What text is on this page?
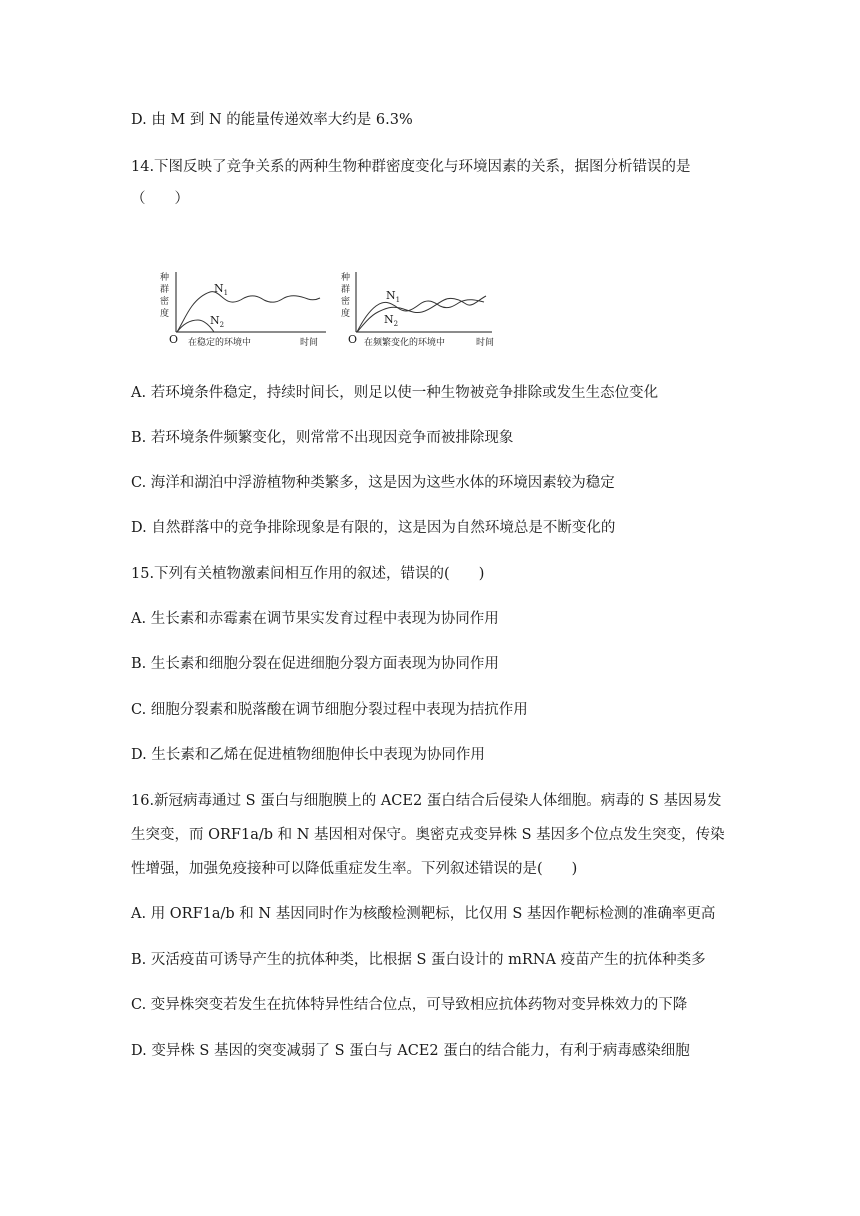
D. 由 M 到 N 的能量传递效率大约是 6.3%

14.下图反映了竞争关系的两种生物种群密度变化与环境因素的关系，据图分析错误的是

（　　）

种
群
密
度
$N_1$
$N_2$
O 在稳定的环境中	时间
种
群
密
度
$N_1$
$N_2$
O 在频繁变化的环境中	时间

A. 若环境条件稳定，持续时间长，则足以使一种生物被竞争排除或发生生态位变化

B. 若环境条件频繁变化，则常常不出现因竞争而被排除现象

C. 海洋和湖泊中浮游植物种类繁多，这是因为这些水体的环境因素较为稳定

D. 自然群落中的竞争排除现象是有限的，这是因为自然环境总是不断变化的

15.下列有关植物激素间相互作用的叙述，错误的(　　)

A. 生长素和赤霉素在调节果实发育过程中表现为协同作用

B. 生长素和细胞分裂在促进细胞分裂方面表现为协同作用

C. 细胞分裂素和脱落酸在调节细胞分裂过程中表现为拮抗作用

D. 生长素和乙烯在促进植物细胞伸长中表现为协同作用

16.新冠病毒通过 S 蛋白与细胞膜上的 ACE2 蛋白结合后侵染人体细胞。病毒的 S 基因易发

生突变，而 ORF1a/b 和 N 基因相对保守。奥密克戎变异株 S 基因多个位点发生突变，传染

性增强，加强免疫接种可以降低重症发生率。下列叙述错误的是(　　)

A. 用 ORF1a/b 和 N 基因同时作为核酸检测靶标，比仅用 S 基因作靶标检测的准确率更高

B. 灭活疫苗可诱导产生的抗体种类，比根据 S 蛋白设计的 mRNA 疫苗产生的抗体种类多

C. 变异株突变若发生在抗体特异性结合位点，可导致相应抗体药物对变异株效力的下降

D. 变异株 S 基因的突变减弱了 S 蛋白与 ACE2 蛋白的结合能力，有利于病毒感染细胞
